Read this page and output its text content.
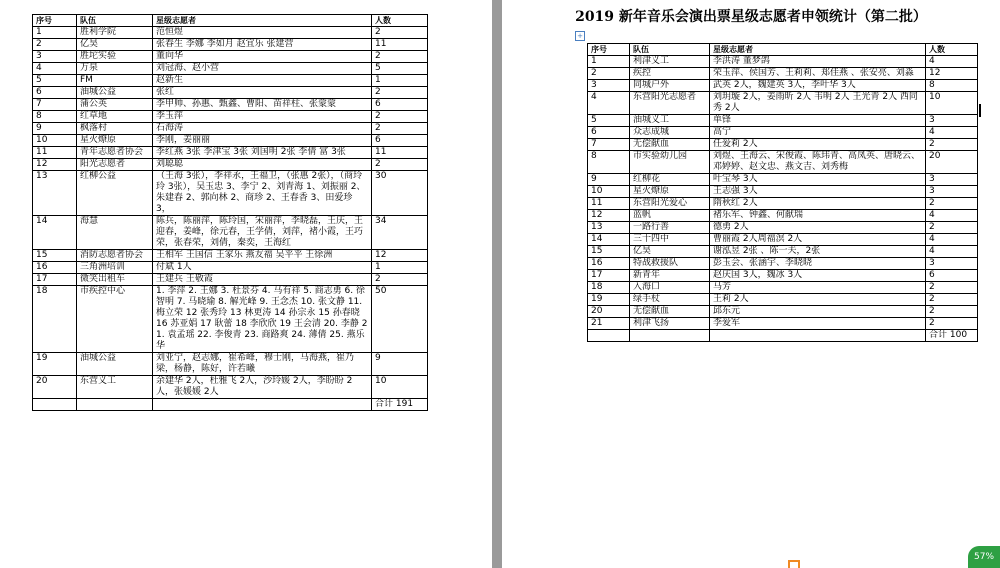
序号	队伍	星级志愿者	人数
1	胜利学院	范恒煜	2
2	亿昊	张春生 李娜 李如月 赵宜乐 张建营	11
3	胜坨实验	董向华	2
4	万泉	刘冠海、赵小营	5
5	FM	赵新生	1
6	油城公益	张红	2
7	蒲公英	李甲帅、孙惠、甄鑫、曹阳、苗祥柱、张蒙蒙	6
8	红草地	李玉萍	2
9	枫落村	石海涛	2
10	星火燎原	李刚，姜丽丽	6
11	青年志愿者协会	李红燕 3张 李津宝 3张 刘国明 2张 李倩 富 3张	11
12	阳光志愿者	刘聪聪	2
13	红柳公益	（王海 3张），李祥永，王福卫，（张惠 2张），（商玲玲 3张），吴玉忠 3、李宁 2、刘青海 1、刘振丽 2、朱建春 2、郭向林 2、商珍 2、王春香 3、田爱珍 3，	30
14	海慧	陈兵，陈丽萍，陈玲国，宋丽萍，李晓磊，王庆，王迎春，姜峰，徐元春，王学倩，刘萍，褚小霞，王巧荣，张春荣，刘倩，秦奕，王海红	34
15	消防志愿者协会	王相军 王国信 王家乐 燕友福 吴平平 王徐洲	12
16	三角洲培训	付斌 1人	1
17	微笑出租车	王建兵 王敬霞	2
18	市疾控中心	1. 李萍 2. 王娜 3. 杜景芬 4. 马有祥 5. 商志勇 6. 徐智明 7. 马晓瑜 8. 解光峰 9. 王念杰 10. 张文静 11. 梅立荣 12 张秀玲 13 林更涛 14 孙宗永 15 孙春晓 16 苏亚娟 17 耿蕾 18 李欣欣 19 王会清 20. 李静 21. 袁孟瑶 22. 李俊青 23. 商路爽 24. 薄倩 25. 燕乐华	50
19	油城公益	刘亚宁，赵志娜，崔希峰，穆士刚，马海燕，崔乃梁，杨静，陈好，许若曦	9
20	东营义工	余建华 2人，杜雅飞 2人，沙玲媛 2人，李盼盼 2人，张媛媛 2人	10
			合计 191
2019 新年音乐会演出票星级志愿者申领统计（第二批）
+
序号	队伍	星级志愿者	人数
1	利津义工	李洪涛 董梦鸽	4
2	疾控	荣玉萍、侯国芳、王莉莉、郑佳燕 、张安亮、刘淼	12
3	同城户外	武英 2人，魏建英 3人，李叶华 3人	8
4	东营阳光志愿者	刘玥璇 2人，姜雨昕 2人 韦明 2人 王光青 2人 西同秀 2人	10
5	油城义工	单锋	3
6	众志成城	高宁	4
7	无偿献血	任爱莉 2人	2
8	市实验幼儿园	刘煜、王海云、宋俊霞、陈玮青、高凤英、唐晓云、邓婷婷、赵文忠、燕文吉、刘秀梅	20
9	红柳花	叶宝琴 3人	3
10	星火燎原	王志强 3人	3
11	东营阳光爱心	隋秋红 2人	2
12	蓝帆	褚乐军、钟鑫、何献瑞	4
13	一路行善	德勇 2人	2
14	三十四中	曹丽霞 2人周福溟 2人	4
15	亿昊	谢泓昱 2张 、陈一夫，2张	4
16	特战救援队	彭玉会、张涵宇、李晓晓	3
17	新青年	赵庆国 3人，魏冰 3人	6
18	入海口	马芳	2
19	绿手杖	王莉 2人	2
20	无偿献血	邱东元	2
21	利津飞扬	李爱军	2
			合计 100
57%
